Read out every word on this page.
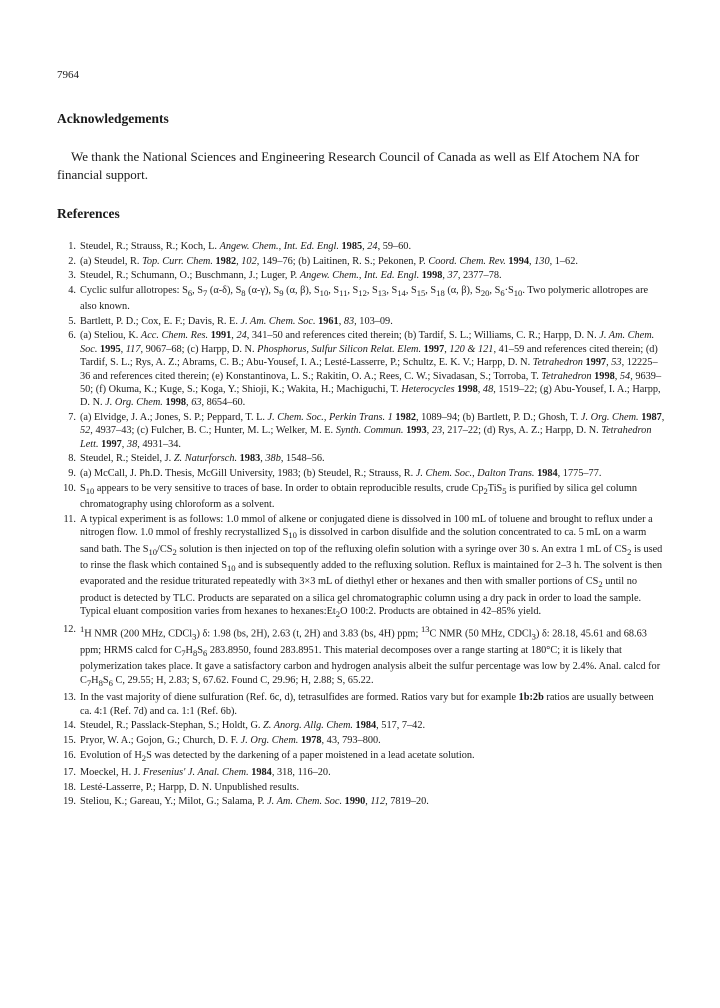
7964
Acknowledgements

We thank the National Sciences and Engineering Research Council of Canada as well as Elf Atochem NA for financial support.

References
1. Steudel, R.; Strauss, R.; Koch, L. Angew. Chem., Int. Ed. Engl. 1985, 24, 59–60.
2. (a) Steudel, R. Top. Curr. Chem. 1982, 102, 149–76; (b) Laitinen, R. S.; Pekonen, P. Coord. Chem. Rev. 1994, 130, 1–62.
3. Steudel, R.; Schumann, O.; Buschmann, J.; Luger, P. Angew. Chem., Int. Ed. Engl. 1998, 37, 2377–78.
4. Cyclic sulfur allotropes: $S_6$, $S_7$ (α-δ), $S_8$ (α-γ), $S_9$ (α, β), $S_{10}$, $S_{11}$, $S_{12}$, $S_{13}$, $S_{14}$, $S_{15}$, $S_{18}$ (α, β), $S_{20}$, $S_6\cdot S_{10}$. Two polymeric allotropes are also known.
5. Bartlett, P. D.; Cox, E. F.; Davis, R. E. J. Am. Chem. Soc. 1961, 83, 103–09.
6. (a) Steliou, K. Acc. Chem. Res. 1991, 24, 341–50 and references cited therein; (b) Tardif, S. L.; Williams, C. R.; Harpp, D. N. J. Am. Chem. Soc. 1995, 117, 9067–68; (c) Harpp, D. N. Phosphorus, Sulfur Silicon Relat. Elem. 1997, 120 & 121, 41–59 and references cited therein; (d) Tardif, S. L.; Rys, A. Z.; Abrams, C. B.; Abu-Yousef, I. A.; Lesté-Lasserre, P.; Schultz, E. K. V.; Harpp, D. N. Tetrahedron 1997, 53, 12225–36 and references cited therein; (e) Konstantinova, L. S.; Rakitin, O. A.; Rees, C. W.; Sivadasan, S.; Torroba, T. Tetrahedron 1998, 54, 9639–50; (f) Okuma, K.; Kuge, S.; Koga, Y.; Shioji, K.; Wakita, H.; Machiguchi, T. Heterocycles 1998, 48, 1519–22; (g) Abu-Yousef, I. A.; Harpp, D. N. J. Org. Chem. 1998, 63, 8654–60.
7. (a) Elvidge, J. A.; Jones, S. P.; Peppard, T. L. J. Chem. Soc., Perkin Trans. 1 1982, 1089–94; (b) Bartlett, P. D.; Ghosh, T. J. Org. Chem. 1987, 52, 4937–43; (c) Fulcher, B. C.; Hunter, M. L.; Welker, M. E. Synth. Commun. 1993, 23, 217–22; (d) Rys, A. Z.; Harpp, D. N. Tetrahedron Lett. 1997, 38, 4931–34.
8. Steudel, R.; Steidel, J. Z. Naturforsch. 1983, 38b, 1548–56.
9. (a) McCall, J. Ph.D. Thesis, McGill University, 1983; (b) Steudel, R.; Strauss, R. J. Chem. Soc., Dalton Trans. 1984, 1775–77.
10. $S_{10}$ appears to be very sensitive to traces of base. In order to obtain reproducible results, crude $Cp_2TiS_5$ is purified by silica gel column chromatography using chloroform as a solvent.
11. A typical experiment is as follows: 1.0 mmol of alkene or conjugated diene is dissolved in 100 mL of toluene and brought to reflux under a nitrogen flow. 1.0 mmol of freshly recrystallized $S_{10}$ is dissolved in carbon disulfide and the solution concentrated to ca. 5 mL on a warm sand bath. The $S_{10}/CS_2$ solution is then injected on top of the refluxing olefin solution with a syringe over 30 s. An extra 1 mL of $CS_2$ is used to rinse the flask which contained $S_{10}$ and is subsequently added to the refluxing solution. Reflux is maintained for 2–3 h. The solvent is then evaporated and the residue triturated repeatedly with 3×3 mL of diethyl ether or hexanes and then with smaller portions of $CS_2$ until no product is detected by TLC. Products are separated on a silica gel chromatographic column using a dry pack in order to load the sample. Typical eluant composition varies from hexanes to $hexanes:Et_2O$ 100:2. Products are obtained in 42–85% yield.
12. $^1$H NMR (200 MHz, CDCl$_3$) δ: 1.98 (bs, 2H), 2.63 (t, 2H) and 3.83 (bs, 4H) ppm; $^{13}$C NMR (50 MHz, CDCl$_3$) δ: 28.18, 45.61 and 68.63 ppm; HRMS calcd for $C_7H_8S_6$ 283.8950, found 283.8951. This material decomposes over a range starting at 180°C; it is likely that polymerization takes place. It gave a satisfactory carbon and hydrogen analysis albeit the sulfur percentage was low by 2.4%. Anal. calcd for $C_7H_8S_6$ C, 29.55; H, 2.83; S, 67.62. Found C, 29.96; H, 2.88; S, 65.22.
13. In the vast majority of diene sulfuration (Ref. 6c, d), tetrasulfides are formed. Ratios vary but for example 1b:2b ratios are usually between ca. 4:1 (Ref. 7d) and ca. 1:1 (Ref. 6b).
14. Steudel, R.; Passlack-Stephan, S.; Holdt, G. Z. Anorg. Allg. Chem. 1984, 517, 7–42.
15. Pryor, W. A.; Gojon, G.; Church, D. F. J. Org. Chem. 1978, 43, 793–800.
16. Evolution of $H_2S$ was detected by the darkening of a paper moistened in a lead acetate solution.
17. Moeckel, H. J. Fresenius' J. Anal. Chem. 1984, 318, 116–20.
18. Lesté-Lasserre, P.; Harpp, D. N. Unpublished results.
19. Steliou, K.; Gareau, Y.; Milot, G.; Salama, P. J. Am. Chem. Soc. 1990, 112, 7819–20.
